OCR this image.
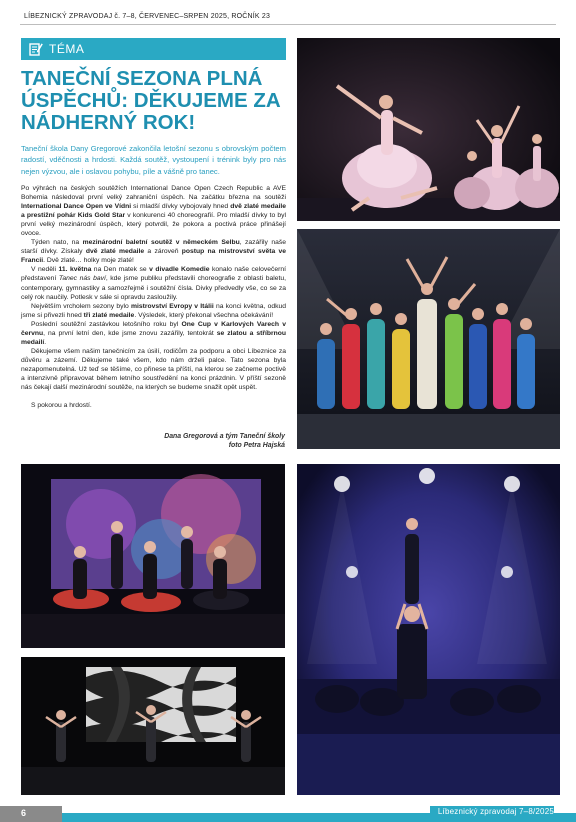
LÍBEZNICKÝ ZPRAVODAJ č. 7–8, ČERVENEC–SRPEN 2025, ROČNÍK 23
TÉMA
TANEČNÍ SEZONA PLNÁ ÚSPĚCHŮ: DĚKUJEME ZA NÁDHERNÝ ROK!
Taneční škola Dany Gregorové zakončila letošní sezonu s obrovským počtem radostí, vděčnosti a hrdosti. Každá soutěž, vystoupení i trénink byly pro nás nejen výzvou, ale i oslavou pohybu, píle a vášně pro tanec.

Po výhrách na českých soutěžích International Dance Open Czech Republic a AVE Bohemia následoval první velký zahraniční úspěch. Na začátku března na soutěži International Dance Open ve Vídni si mladší dívky vybojovaly hned dvě zlaté medaile a prestižní pohár Kids Gold Star v konkurenci 40 choreografií. Pro mladší dívky to byl první velký mezinárodní úspěch, který potvrdil, že pokora a poctivá práce přinášejí ovoce.

Týden nato, na mezinárodní baletní soutěž v německém Selbu, zazářily naše starší dívky. Získaly dvě zlaté medaile a zároveň postup na mistrovství světa ve Francii. Dvě zlaté… holky moje zlaté!

V neděli 11. května na Den matek se v divadle Komedie konalo naše celovečerní představení Tanec nás baví, kde jsme publiku představili choreografie z oblasti baletu, contemporary, gymnastiky a samozřejmě i soutěžní čísla. Divky předvedly vše, co se za celý rok naučily. Potlesk v sále si opravdu zasloužily.

Největším vrcholem sezony bylo mistrovství Evropy v Itálii na konci května, odkud jsme si přivezli hned tři zlaté medaile. Výsledek, který překonal všechna očekávání!

Poslední soutěžní zastávkou letošního roku byl One Cup v Karlových Varech v červnu, na první letní den, kde jsme znovu zazářily, tentokrát se zlatou a stříbrnou medailí.

Děkujeme všem našim tanečnicím za úsilí, rodičům za podporu a obci Líbeznice za důvěru a zázemí. Děkujeme také všem, kdo nám drželi palce. Tato sezona byla nezapomenutelná. Už teď se těšíme, co přinese ta příští, na kterou se začneme poctivě a intenzivně připravovat během letního soustředění na konci prázdnin. V příští sezoně nás čekají další mezinárodní soutěže, na kterých se budeme snažit opět uspět.

S pokorou a hrdostí.

Dana Gregorová a tým Taneční školy
foto Petra Hajská
6	Líbeznický zpravodaj 7–8/2025
